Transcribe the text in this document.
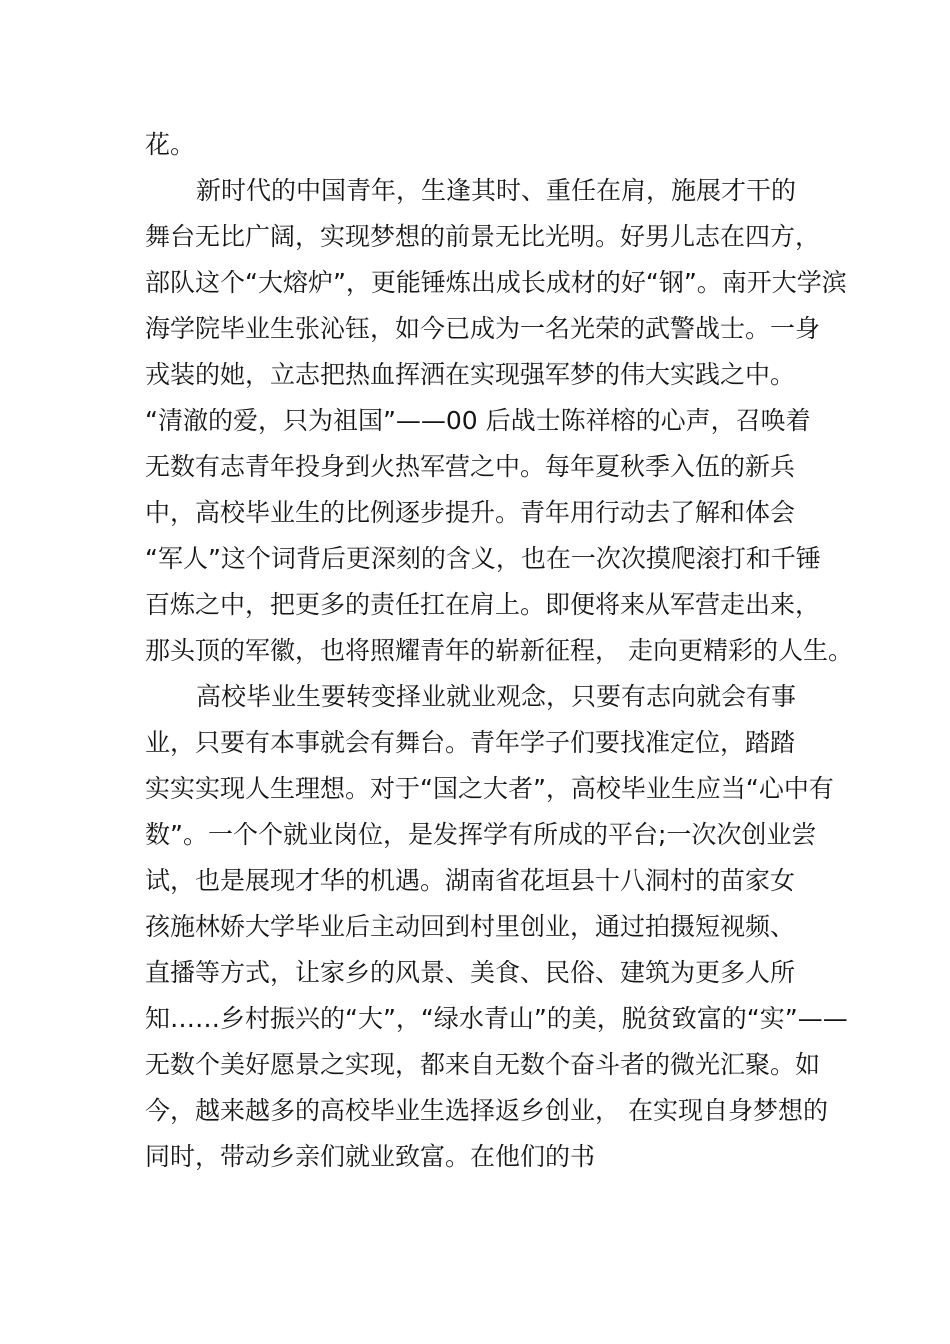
花。
新时代的中国青年，生逢其时、重任在肩，施展才干的
舞台无比广阔，实现梦想的前景无比光明。好男儿志在四方，
部队这个“大熔炉”，更能锤炼出成长成材的好“钢”。南开大学滨
海学院毕业生张沁钰，如今已成为一名光荣的武警战士。一身
戎装的她，立志把热血挥洒在实现强军梦的伟大实践之中。
“清澈的爱，只为祖国”——00 后战士陈祥榕的心声，召唤着
无数有志青年投身到火热军营之中。每年夏秋季入伍的新兵
中，高校毕业生的比例逐步提升。青年用行动去了解和体会
“军人”这个词背后更深刻的含义，也在一次次摸爬滚打和千锤
百炼之中，把更多的责任扛在肩上。即便将来从军营走出来，
那头顶的军徽，也将照耀青年的崭新征程， 走向更精彩的人生。
高校毕业生要转变择业就业观念，只要有志向就会有事
业，只要有本事就会有舞台。青年学子们要找准定位，踏踏
实实实现人生理想。对于“国之大者”，高校毕业生应当“心中有
数”。一个个就业岗位，是发挥学有所成的平台;一次次创业尝
试，也是展现才华的机遇。湖南省花垣县十八洞村的苗家女
孩施林娇大学毕业后主动回到村里创业，通过拍摄短视频、
直播等方式，让家乡的风景、美食、民俗、建筑为更多人所
知……乡村振兴的“大”，“绿水青山”的美，脱贫致富的“实”——
无数个美好愿景之实现，都来自无数个奋斗者的微光汇聚。如
今，越来越多的高校毕业生选择返乡创业， 在实现自身梦想的
同时，带动乡亲们就业致富。在他们的书
